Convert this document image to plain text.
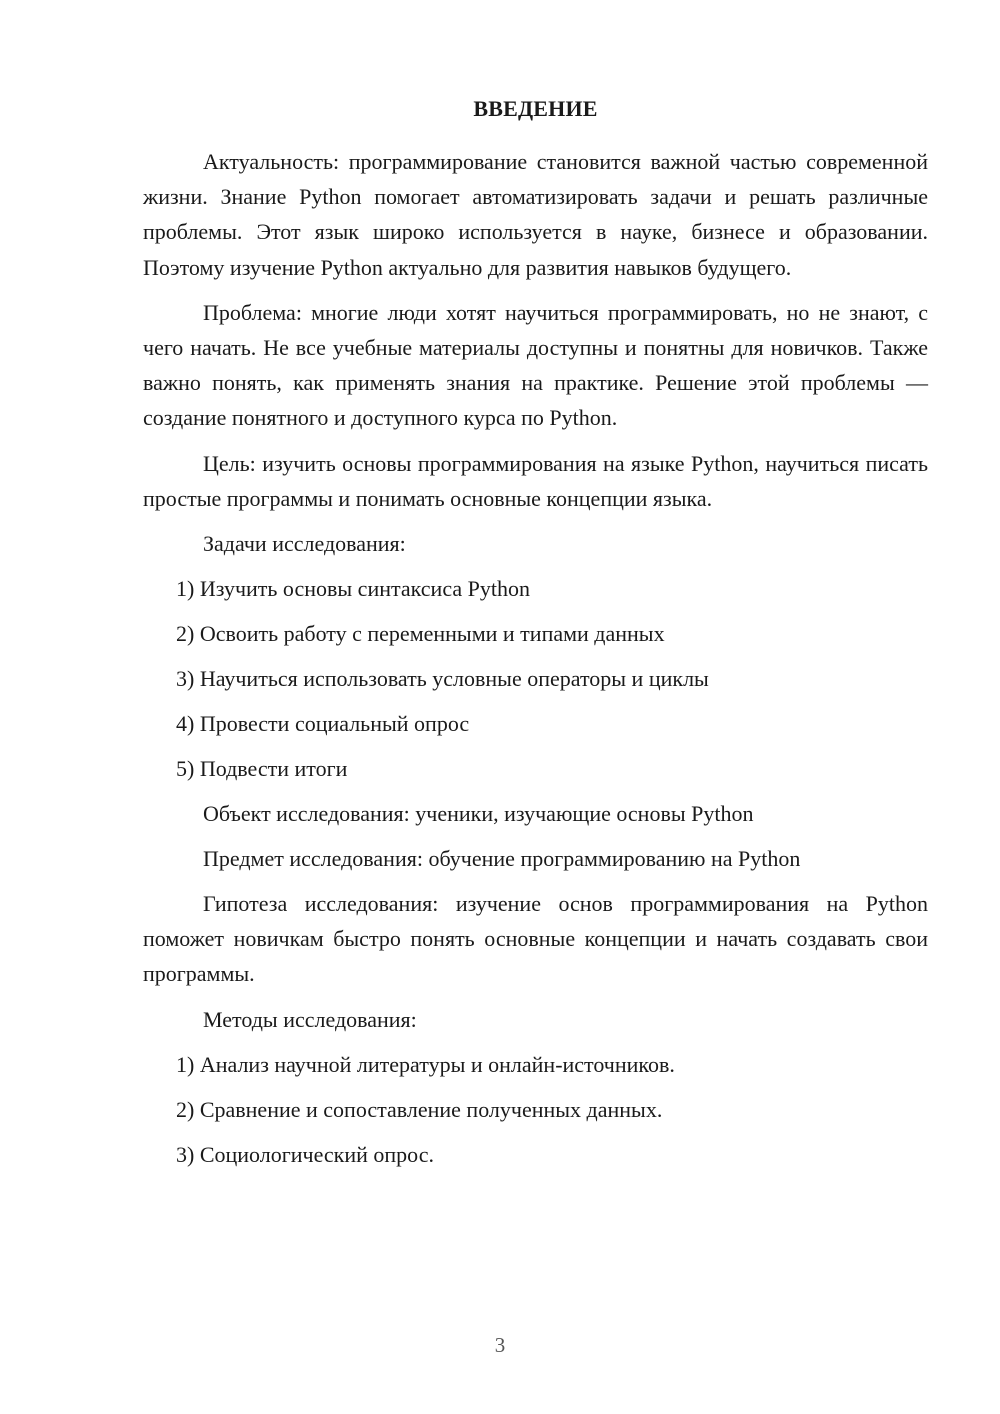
ВВЕДЕНИЕ

Актуальность: программирование становится важной частью современной жизни. Знание Python помогает автоматизировать задачи и решать различные проблемы. Этот язык широко используется в науке, бизнесе и образовании. Поэтому изучение Python актуально для развития навыков будущего.

Проблема: многие люди хотят научиться программировать, но не знают, с чего начать. Не все учебные материалы доступны и понятны для новичков. Также важно понять, как применять знания на практике. Решение этой проблемы — создание понятного и доступного курса по Python.

Цель: изучить основы программирования на языке Python, научиться писать простые программы и понимать основные концепции языка.

Задачи исследования:
1) Изучить основы синтаксиса Python
2) Освоить работу с переменными и типами данных
3) Научиться использовать условные операторы и циклы
4) Провести социальный опрос
5) Подвести итоги
Объект исследования: ученики, изучающие основы Python
Предмет исследования: обучение программированию на Python

Гипотеза исследования: изучение основ программирования на Python поможет новичкам быстро понять основные концепции и начать создавать свои программы.

Методы исследования:
1) Анализ научной литературы и онлайн-источников.
2) Сравнение и сопоставление полученных данных.
3) Социологический опрос.
3
